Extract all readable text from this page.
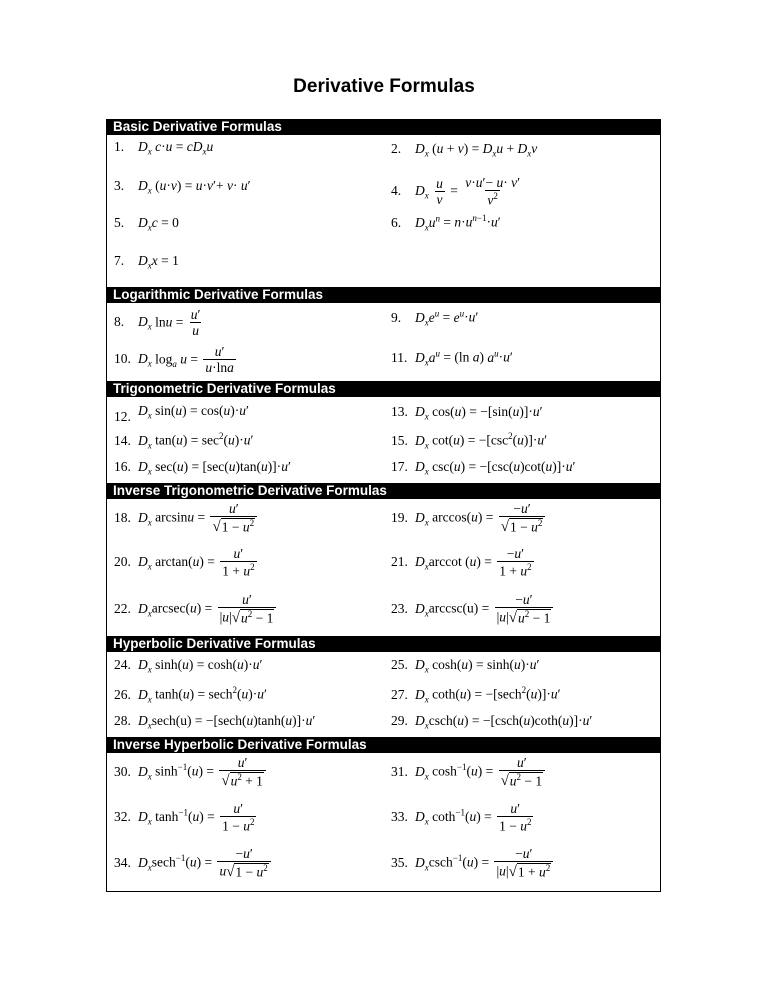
Derivative Formulas
Basic Derivative Formulas
Logarithmic Derivative Formulas
Trigonometric Derivative Formulas
Inverse Trigonometric Derivative Formulas
Hyperbolic Derivative Formulas
Inverse Hyperbolic Derivative Formulas
1. $D_x$ $c\cdot u = cD_xu$	2. $D_x$ $(u + v) = D_xu + D_xv$
3. $D_x$ (u·v) = u·v′+ v· u′	4. $D_x \frac{u}{v} = \frac{v\cdot u'- u\cdot v'}{v^2}$
5. $D_xc = 0$	6. $D_xu^n = n\cdot u^{n-1}\cdot u'$
7. $D_xx = 1$
8. $D_x$ $\ln u = \frac{u'}{u}$	9. $D_xe^u = e^u\cdot u'$
10. $D_x$ $\log_a u = \frac{u'}{u\cdot\ln a}$	11. $D_xa^u = (\ln$ a) $a^u\cdot u'$
12. $D_x$ sin(u) = cos(u)·u′	13. $D_x$ cos(u) = −[sin(u)]·u′
14. $D_x$ $\tan(u) = \sec^2(u)\cdot u'$	15. $D_x$ $\cot(u) = -[\csc^2(u)]\cdot u'$
16. $D_x$ sec(u) = [sec(u)tan(u)]·u′	17. $D_x$ csc(u) = −[csc(u)cot(u)]·u′
18. $D_x$ $\arcsin u = \frac{u'}{√ 1 - u^2}$	19. $D_x$ $\arccos(u) = \frac{-u'}{√ 1 - u^2}$
20. $D_x$ $\arctan(u) = \frac{u'}{1 + u^2}$	21. $D_xarccot$ $(u) = \frac{-u'}{1 + u^2}$
22. $D_xarcsec(u) = \frac{u'}{|u| √ u^2 - 1}$	23. $D_xarccsc(u) = \frac{-u'}{|u| √ u^2 - 1}$
24. $D_x$ sinh(u) = cosh(u)·u′	25. $D_x$ cosh(u) = sinh(u)·u′
26. $D_x$ tanh(u) = sech$^2$(u)·u′	27. $D_x$ coth(u) = −[sech$^2$(u)]·u′
28. $D_x\sec h(u) = -[\sec h(u)\tanh(u)]\cdot u'$	29. $D_x\csc h(u) = -[\csc h(u)\cot h(u)]\cdot u'$
30. $D_x$ $\sinh^{-1}(u) = \frac{u'}{√ u^2 + 1}$	31. $D_x$ $\cosh^{-1}(u) = \frac{u'}{√ u^2 - 1}$
32. $D_x$ $\tanh^{-1}(u) = \frac{u'}{1 - u^2}$	33. $D_x$ $\cot h^{-1}(u) = \frac{u'}{1 - u^2}$
34. $D_x\sec h^{-1}(u) = \frac{-u'}{u √ 1 - u^2}$	35. $D_x\csc h^{-1}(u) = \frac{-u'}{|u| √ 1 + u^2}$
